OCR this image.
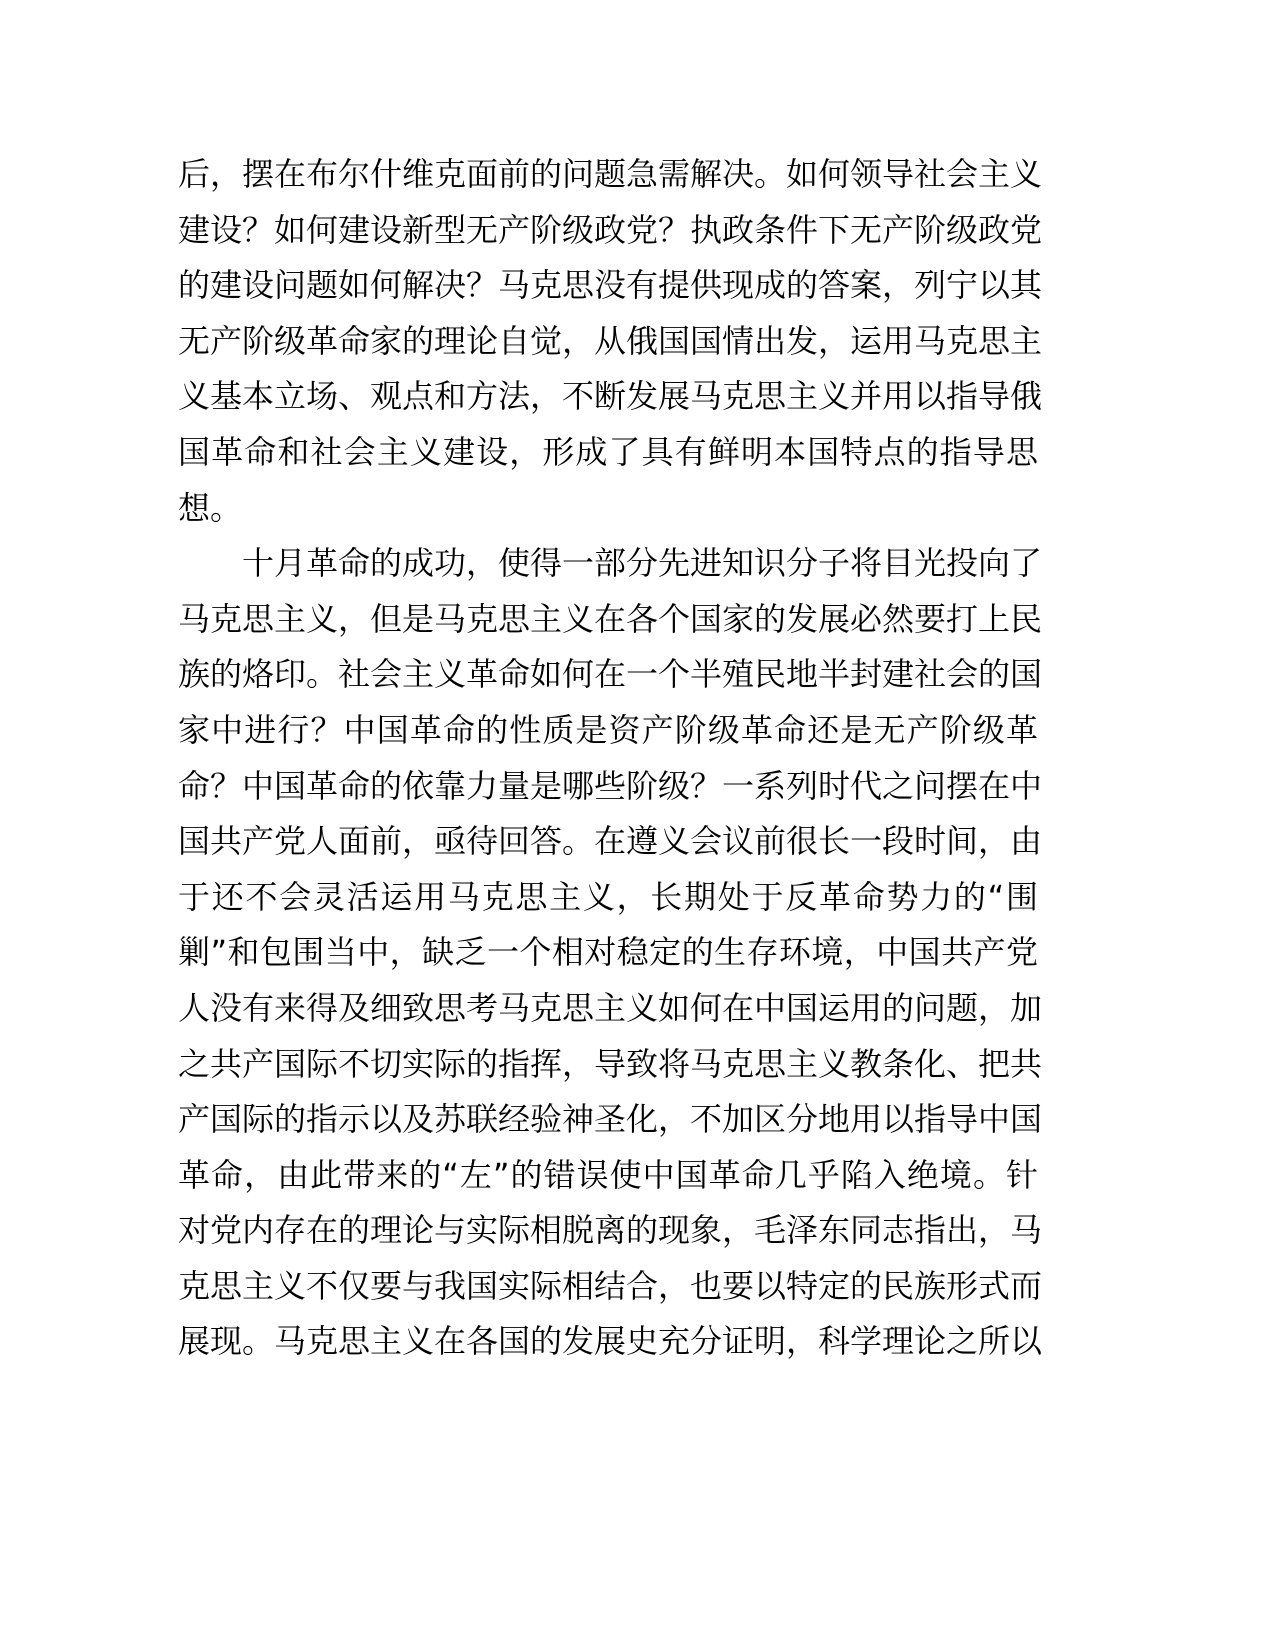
后，摆在布尔什维克面前的问题急需解决。如何领导社会主义
建设？如何建设新型无产阶级政党？执政条件下无产阶级政党
的建设问题如何解决？马克思没有提供现成的答案，列宁以其
无产阶级革命家的理论自觉，从俄国国情出发，运用马克思主
义基本立场、观点和方法，不断发展马克思主义并用以指导俄
国革命和社会主义建设，形成了具有鲜明本国特点的指导思
想。
十月革命的成功，使得一部分先进知识分子将目光投向了
马克思主义，但是马克思主义在各个国家的发展必然要打上民
族的烙印。社会主义革命如何在一个半殖民地半封建社会的国
家中进行？中国革命的性质是资产阶级革命还是无产阶级革
命？中国革命的依靠力量是哪些阶级？一系列时代之问摆在中
国共产党人面前，亟待回答。在遵义会议前很长一段时间，由
于还不会灵活运用马克思主义，长期处于反革命势力的“围
剿”和包围当中，缺乏一个相对稳定的生存环境，中国共产党
人没有来得及细致思考马克思主义如何在中国运用的问题，加
之共产国际不切实际的指挥，导致将马克思主义教条化、把共
产国际的指示以及苏联经验神圣化，不加区分地用以指导中国
革命，由此带来的“左”的错误使中国革命几乎陷入绝境。针
对党内存在的理论与实际相脱离的现象，毛泽东同志指出，马
克思主义不仅要与我国实际相结合，也要以特定的民族形式而
展现。马克思主义在各国的发展史充分证明，科学理论之所以
